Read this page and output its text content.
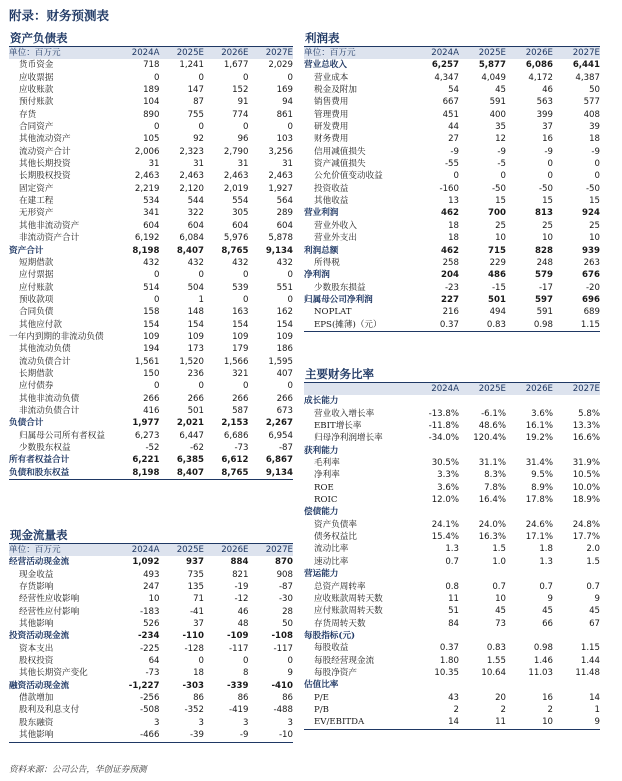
附录：财务预测表
资产负债表
单位：百万元	2024A	2025E	2026E	2027E
货币资金	718	1,241	1,677	2,029
应收票据	0	0	0	0
应收账款	189	147	152	169
预付账款	104	87	91	94
存货	890	755	774	861
合同资产	0	0	0	0
其他流动资产	105	92	96	103
流动资产合计	2,006	2,323	2,790	3,256
其他长期投资	31	31	31	31
长期股权投资	2,463	2,463	2,463	2,463
固定资产	2,219	2,120	2,019	1,927
在建工程	534	544	554	564
无形资产	341	322	305	289
其他非流动资产	604	604	604	604
非流动资产合计	6,192	6,084	5,976	5,878
资产合计	8,198	8,407	8,765	9,134
短期借款	432	432	432	432
应付票据	0	0	0	0
应付账款	514	504	539	551
预收款项	0	1	0	0
合同负债	158	148	163	162
其他应付款	154	154	154	154
一年内到期的非流动负债	109	109	109	109
其他流动负债	194	173	179	186
流动负债合计	1,561	1,520	1,566	1,595
长期借款	150	236	321	407
应付债券	0	0	0	0
其他非流动负债	266	266	266	266
非流动负债合计	416	501	587	673
负债合计	1,977	2,021	2,153	2,267
归属母公司所有者权益	6,273	6,447	6,686	6,954
少数股东权益	-52	-62	-73	-87
所有者权益合计	6,221	6,385	6,612	6,867
负债和股东权益	8,198	8,407	8,765	9,134
现金流量表
单位：百万元	2024A	2025E	2026E	2027E
经营活动现金流	1,092	937	884	870
现金收益	493	735	821	908
存货影响	247	135	-19	-87
经营性应收影响	10	71	-12	-30
经营性应付影响	-183	-41	46	28
其他影响	526	37	48	50
投资活动现金流	-234	-110	-109	-108
资本支出	-225	-128	-117	-117
股权投资	64	0	0	0
其他长期资产变化	-73	18	8	9
融资活动现金流	-1,227	-303	-339	-410
借款增加	-256	86	86	86
股利及利息支付	-508	-352	-419	-488
股东融资	3	3	3	3
其他影响	-466	-39	-9	-10
利润表
单位：百万元	2024A	2025E	2026E	2027E
营业总收入	6,257	5,877	6,086	6,441
营业成本	4,347	4,049	4,172	4,387
税金及附加	54	45	46	50
销售费用	667	591	563	577
管理费用	451	400	399	408
研发费用	44	35	37	39
财务费用	27	12	16	18
信用减值损失	-9	-9	-9	-9
资产减值损失	-55	-5	0	0
公允价值变动收益	0	0	0	0
投资收益	-160	-50	-50	-50
其他收益	13	15	15	15
营业利润	462	700	813	924
营业外收入	18	25	25	25
营业外支出	18	10	10	10
利润总额	462	715	828	939
所得税	258	229	248	263
净利润	204	486	579	676
少数股东损益	-23	-15	-17	-20
归属母公司净利润	227	501	597	696
NOPLAT	216	494	591	689
EPS(摊薄)（元）	0.37	0.83	0.98	1.15
主要财务比率
	2024A	2025E	2026E	2027E
成长能力				
营业收入增长率	-13.8%	-6.1%	3.6%	5.8%
EBIT增长率	-11.8%	48.6%	16.1%	13.3%
归母净利润增长率	-34.0%	120.4%	19.2%	16.6%
获利能力				
毛利率	30.5%	31.1%	31.4%	31.9%
净利率	3.3%	8.3%	9.5%	10.5%
ROE	3.6%	7.8%	8.9%	10.0%
ROIC	12.0%	16.4%	17.8%	18.9%
偿债能力				
资产负债率	24.1%	24.0%	24.6%	24.8%
债务权益比	15.4%	16.3%	17.1%	17.7%
流动比率	1.3	1.5	1.8	2.0
速动比率	0.7	1.0	1.3	1.5
营运能力				
总资产周转率	0.8	0.7	0.7	0.7
应收账款周转天数	11	10	9	9
应付账款周转天数	51	45	45	45
存货周转天数	84	73	66	67
每股指标(元)				
每股收益	0.37	0.83	0.98	1.15
每股经营现金流	1.80	1.55	1.46	1.44
每股净资产	10.35	10.64	11.03	11.48
估值比率				
P/E	43	20	16	14
P/B	2	2	2	1
EV/EBITDA	14	11	10	9
资料来源：公司公告，华创证券预测
